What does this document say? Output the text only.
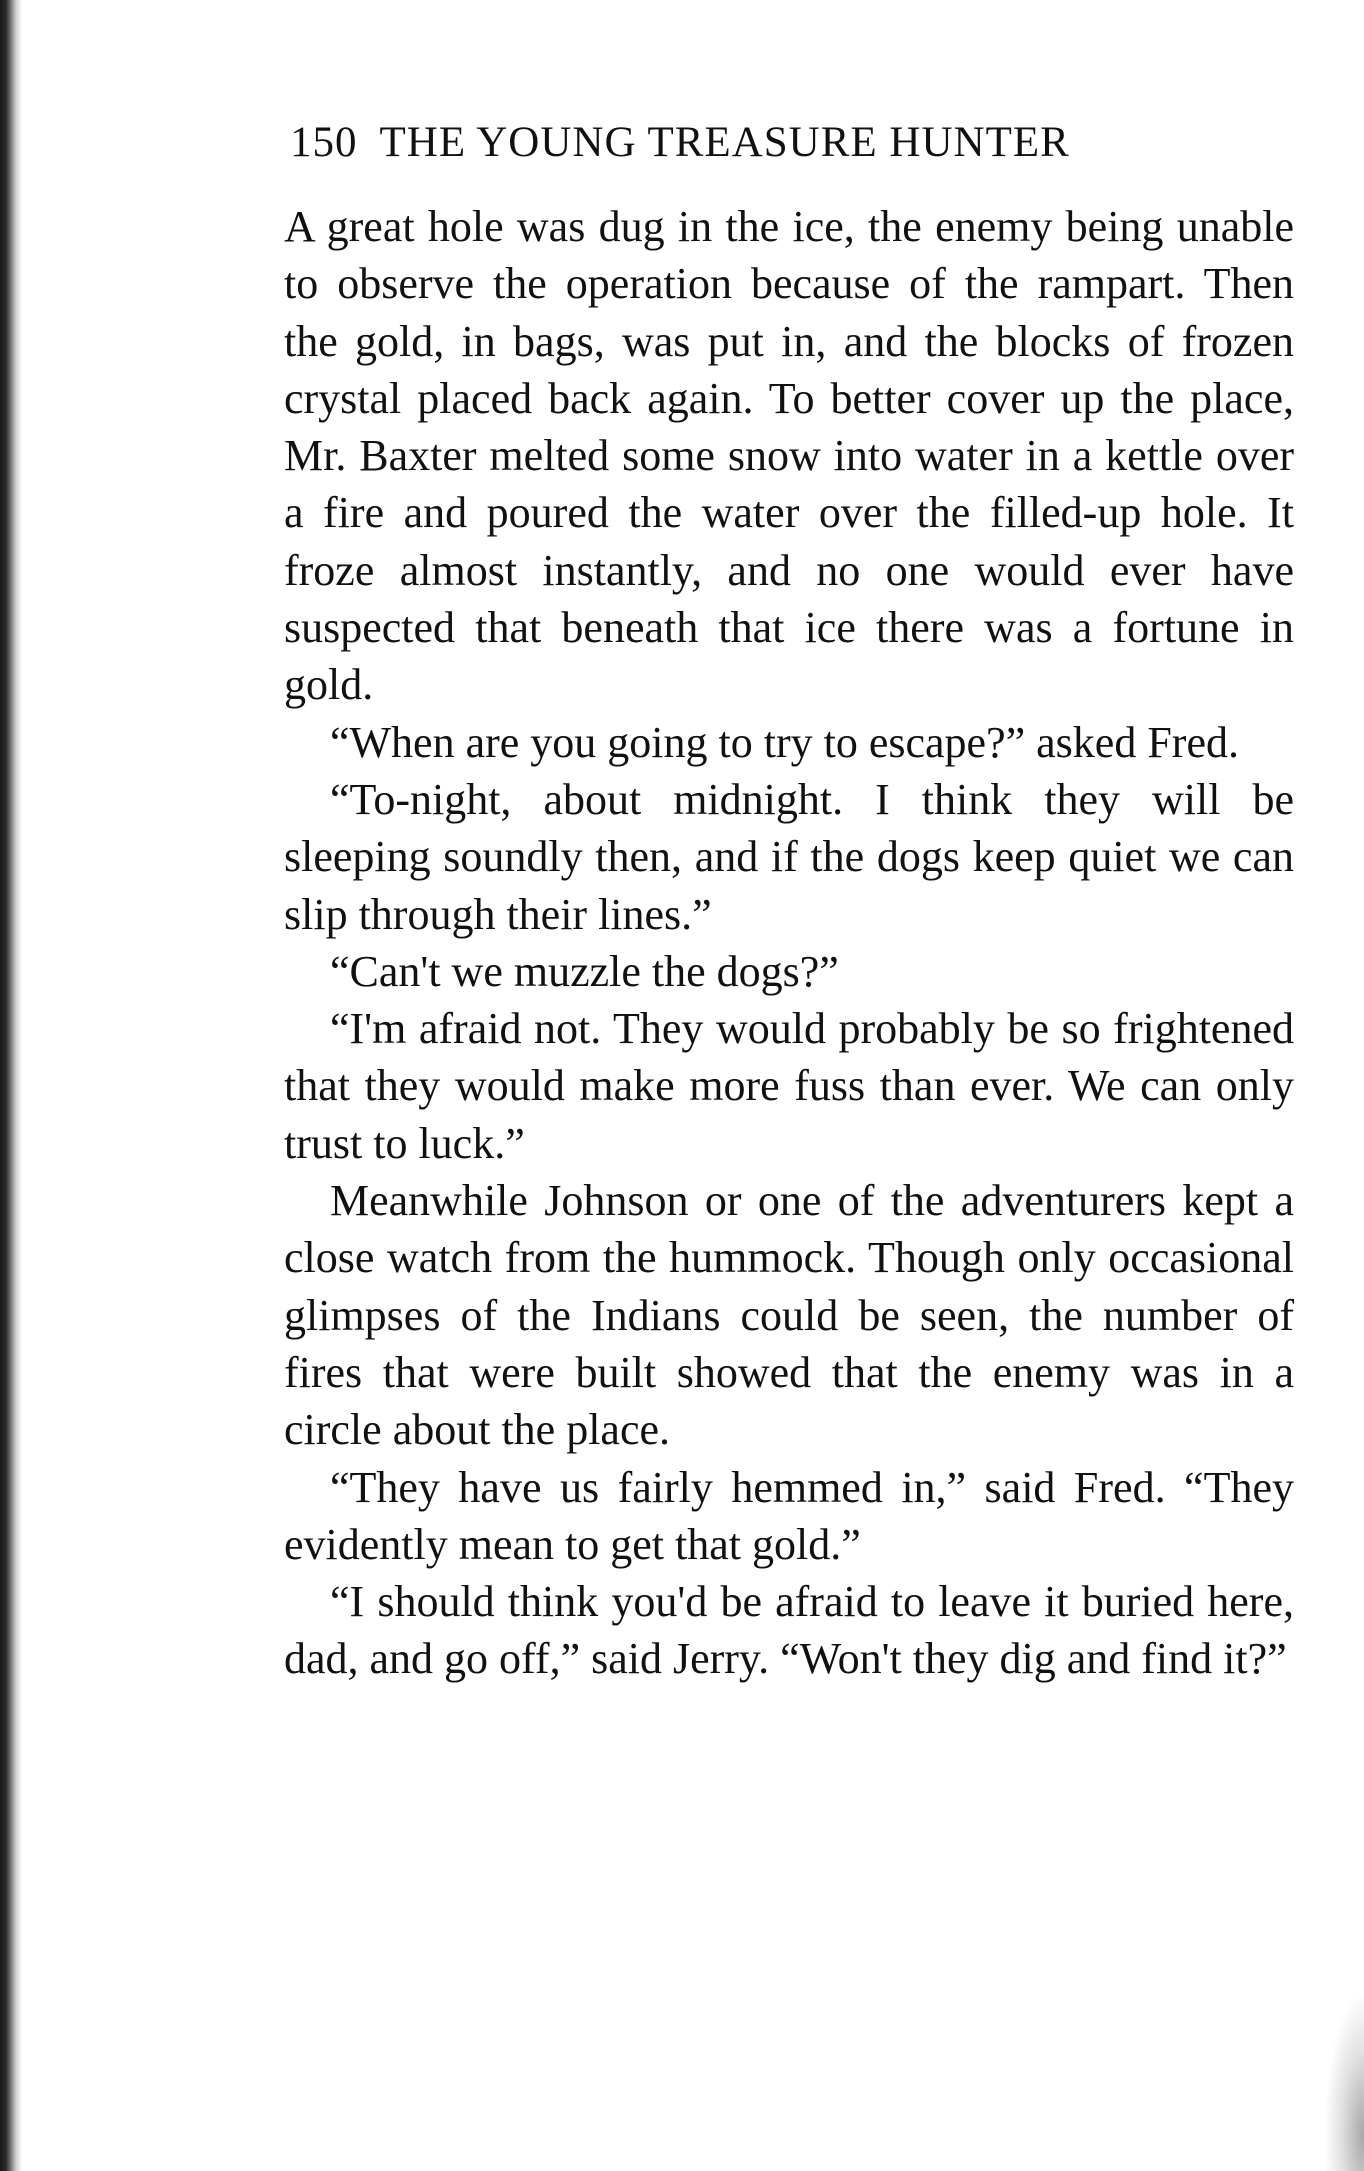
150 THE YOUNG TREASURE HUNTER

A great hole was dug in the ice, the enemy being unable to observe the operation because of the rampart. Then the gold, in bags, was put in, and the blocks of frozen crystal placed back again. To better cover up the place, Mr. Baxter melted some snow into water in a kettle over a fire and poured the water over the filled-up hole. It froze almost instantly, and no one would ever have suspected that beneath that ice there was a fortune in gold.

“When are you going to try to escape?” asked Fred.

“To-night, about midnight. I think they will be sleeping soundly then, and if the dogs keep quiet we can slip through their lines.”

“Can't we muzzle the dogs?”

“I'm afraid not. They would probably be so frightened that they would make more fuss than ever. We can only trust to luck.”

Meanwhile Johnson or one of the adventurers kept a close watch from the hummock. Though only occasional glimpses of the Indians could be seen, the number of fires that were built showed that the enemy was in a circle about the place.

“They have us fairly hemmed in,” said Fred. “They evidently mean to get that gold.”

“I should think you'd be afraid to leave it buried here, dad, and go off,” said Jerry. “Won't they dig and find it?”
